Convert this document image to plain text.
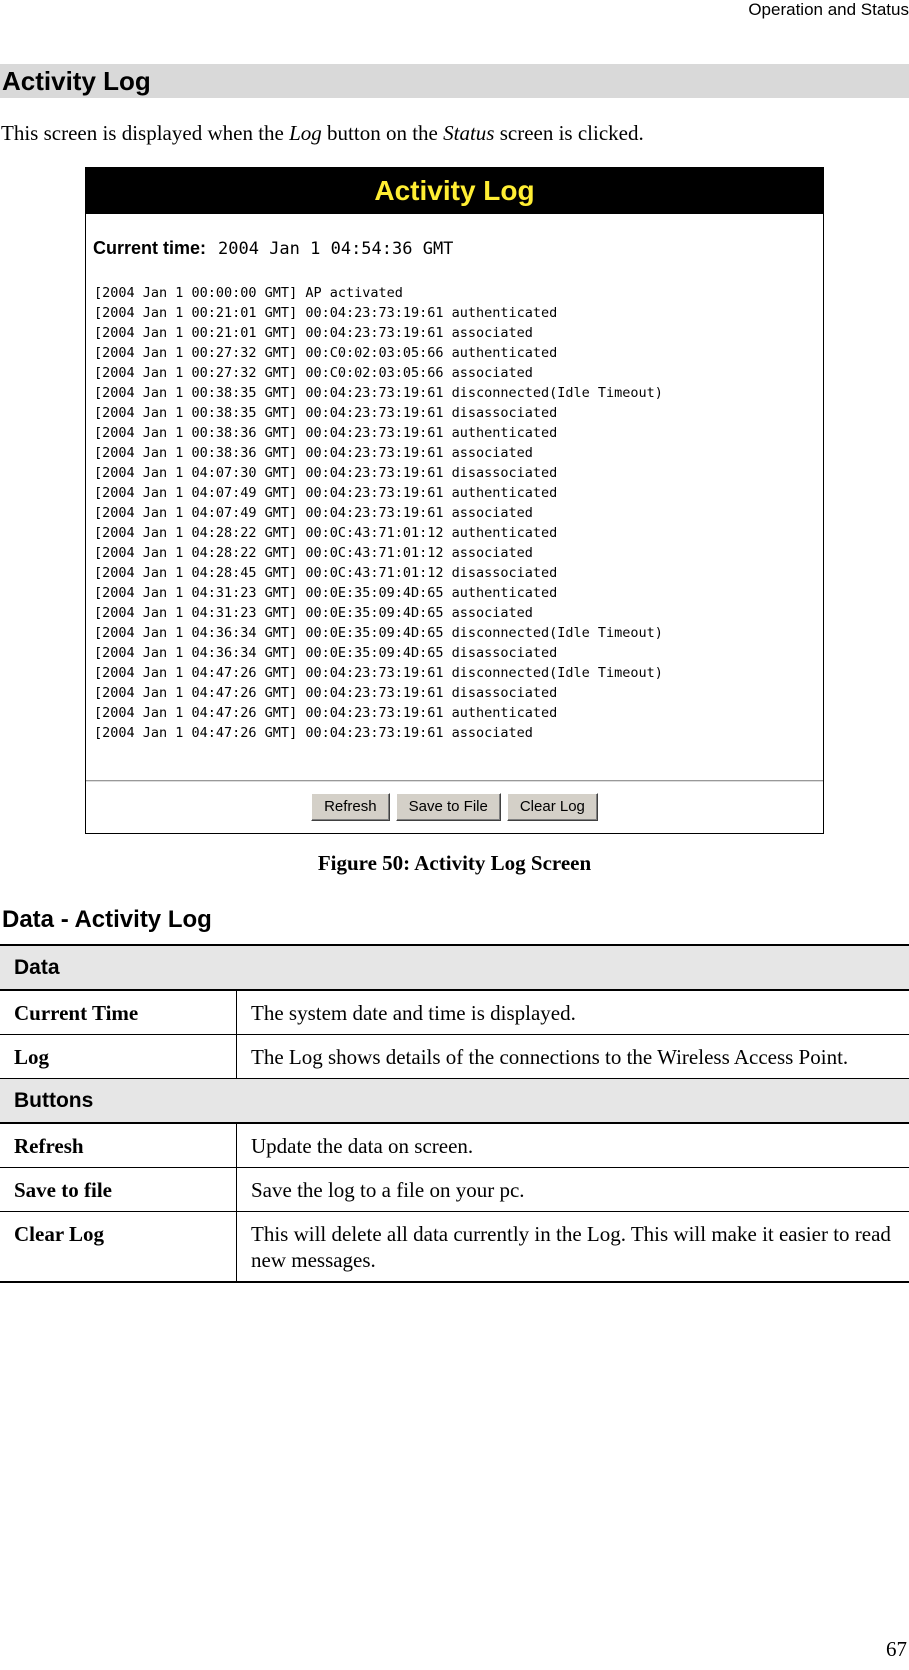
Operation and Status
Activity Log
This screen is displayed when the Log button on the Status screen is clicked.
Activity Log
Current time: 2004 Jan 1 04:54:36 GMT
[2004 Jan 1 00:00:00 GMT] AP activated
[2004 Jan 1 00:21:01 GMT] 00:04:23:73:19:61 authenticated
[2004 Jan 1 00:21:01 GMT] 00:04:23:73:19:61 associated
[2004 Jan 1 00:27:32 GMT] 00:C0:02:03:05:66 authenticated
[2004 Jan 1 00:27:32 GMT] 00:C0:02:03:05:66 associated
[2004 Jan 1 00:38:35 GMT] 00:04:23:73:19:61 disconnected(Idle Timeout)
[2004 Jan 1 00:38:35 GMT] 00:04:23:73:19:61 disassociated
[2004 Jan 1 00:38:36 GMT] 00:04:23:73:19:61 authenticated
[2004 Jan 1 00:38:36 GMT] 00:04:23:73:19:61 associated
[2004 Jan 1 04:07:30 GMT] 00:04:23:73:19:61 disassociated
[2004 Jan 1 04:07:49 GMT] 00:04:23:73:19:61 authenticated
[2004 Jan 1 04:07:49 GMT] 00:04:23:73:19:61 associated
[2004 Jan 1 04:28:22 GMT] 00:0C:43:71:01:12 authenticated
[2004 Jan 1 04:28:22 GMT] 00:0C:43:71:01:12 associated
[2004 Jan 1 04:28:45 GMT] 00:0C:43:71:01:12 disassociated
[2004 Jan 1 04:31:23 GMT] 00:0E:35:09:4D:65 authenticated
[2004 Jan 1 04:31:23 GMT] 00:0E:35:09:4D:65 associated
[2004 Jan 1 04:36:34 GMT] 00:0E:35:09:4D:65 disconnected(Idle Timeout)
[2004 Jan 1 04:36:34 GMT] 00:0E:35:09:4D:65 disassociated
[2004 Jan 1 04:47:26 GMT] 00:04:23:73:19:61 disconnected(Idle Timeout)
[2004 Jan 1 04:47:26 GMT] 00:04:23:73:19:61 disassociated
[2004 Jan 1 04:47:26 GMT] 00:04:23:73:19:61 authenticated
[2004 Jan 1 04:47:26 GMT] 00:04:23:73:19:61 associated
Refresh Save to File Clear Log
Figure 50: Activity Log Screen
Data - Activity Log
Data	
Current Time	The system date and time is displayed.
Log	The Log shows details of the connections to the Wireless Access Point.
Buttons	
Refresh	Update the data on screen.
Save to file	Save the log to a file on your pc.
Clear Log	This will delete all data currently in the Log. This will make it easier to read new messages.
67
